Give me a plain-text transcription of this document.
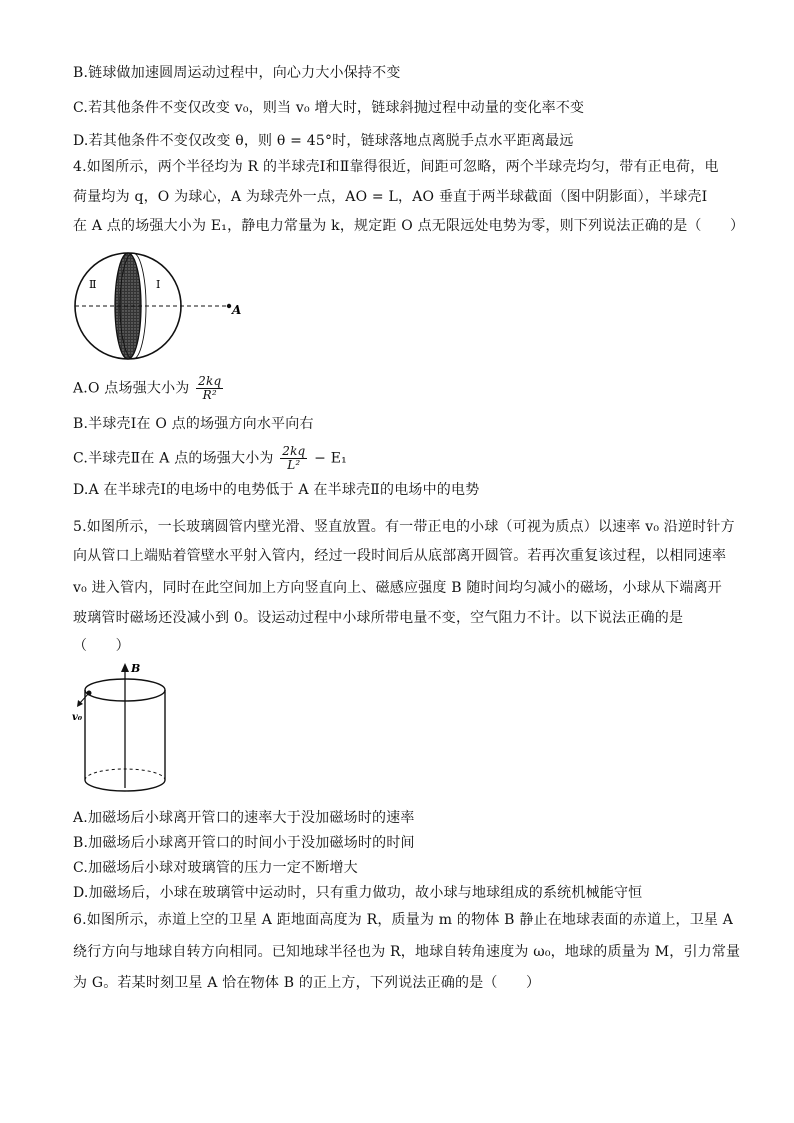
B.链球做加速圆周运动过程中，向心力大小保持不变
C.若其他条件不变仅改变 v₀，则当 v₀ 增大时，链球斜抛过程中动量的变化率不变
D.若其他条件不变仅改变 θ，则 θ = 45°时，链球落地点离脱手点水平距离最远
4.如图所示，两个半径均为 R 的半球壳Ⅰ和Ⅱ靠得很近，间距可忽略，两个半球壳均匀，带有正电荷，电
荷量均为 q，O 为球心，A 为球壳外一点，AO = L，AO 垂直于两半球截面（图中阴影面），半球壳Ⅰ
在 A 点的场强大小为 E₁，静电力常量为 k，规定距 O 点无限远处电势为零，则下列说法正确的是（　　）
Ⅱ	Ⅰ
A
A.O 点场强大小为 $\frac{2kq}{\text{R²}}$
B.半球壳Ⅰ在 O 点的场强方向水平向右
C.半球壳Ⅱ在 A 点的场强大小为 $\frac{2kq}{\text{L²}} - E_1$
D.A 在半球壳Ⅰ的电场中的电势低于 A 在半球壳Ⅱ的电场中的电势
5.如图所示，一长玻璃圆管内壁光滑、竖直放置。有一带正电的小球（可视为质点）以速率 v₀ 沿逆时针方
向从管口上端贴着管壁水平射入管内，经过一段时间后从底部离开圆管。若再次重复该过程，以相同速率
v₀ 进入管内，同时在此空间加上方向竖直向上、磁感应强度 B 随时间均匀减小的磁场，小球从下端离开
玻璃管时磁场还没减小到 0。设运动过程中小球所带电量不变，空气阻力不计。以下说法正确的是
（　　）
B
v₀
A.加磁场后小球离开管口的速率大于没加磁场时的速率
B.加磁场后小球离开管口的时间小于没加磁场时的时间
C.加磁场后小球对玻璃管的压力一定不断增大
D.加磁场后，小球在玻璃管中运动时，只有重力做功，故小球与地球组成的系统机械能守恒
6.如图所示，赤道上空的卫星 A 距地面高度为 R，质量为 m 的物体 B 静止在地球表面的赤道上，卫星 A
绕行方向与地球自转方向相同。已知地球半径也为 R，地球自转角速度为 ω₀，地球的质量为 M，引力常量
为 G。若某时刻卫星 A 恰在物体 B 的正上方，下列说法正确的是（　　）
